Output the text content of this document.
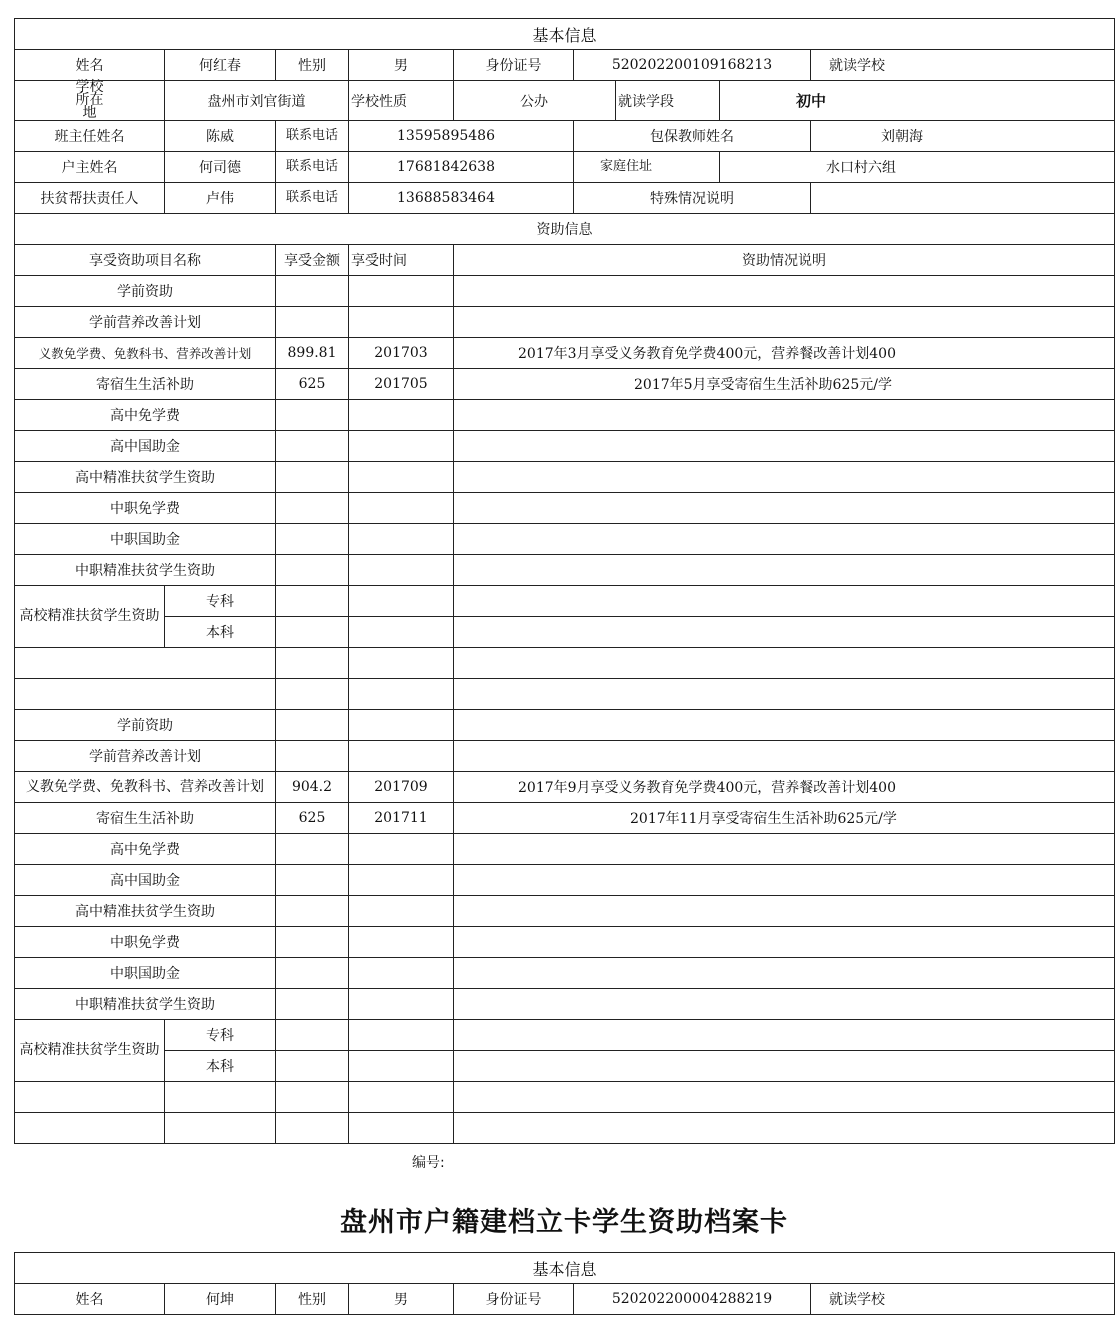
基本信息								
姓名	何红春	性别	男	身份证号	520202200109168213			就读学校
学校所在地	盘州市刘官街道		学校性质	公办		就读学段	初中	
班主任姓名	陈威	联系电话	13595895486		包保教师姓名			刘朝海
户主姓名	何司德	联系电话	17681842638		家庭住址		水口村六组	
扶贫帮扶责任人	卢伟	联系电话	13688583464		特殊情况说明			
资助信息								
享受资助项目名称		享受金额	享受时间	资助情况说明				
学前资助								
学前营养改善计划								
义教免学费、免教科书、营养改善计划		899.81	201703	2017年3月享受义务教育免学费400元，营养餐改善计划400				
寄宿生生活补助		625	201705	2017年5月享受寄宿生生活补助625元/学				
高中免学费								
高中国助金								
高中精准扶贫学生资助								
中职免学费								
中职国助金								
中职精准扶贫学生资助								
高校精准扶贫学生资助	专科							
	本科							

学前资助								
学前营养改善计划								
义教免学费、免教科书、营养改善计划		904.2	201709	2017年9月享受义务教育免学费400元，营养餐改善计划400				
寄宿生生活补助		625	201711	2017年11月享受寄宿生生活补助625元/学				
高中免学费								
高中国助金								
高中精准扶贫学生资助								
中职免学费								
中职国助金								
中职精准扶贫学生资助								
高校精准扶贫学生资助	专科							
	本科							

编号:
盘州市户籍建档立卡学生资助档案卡
基本信息
姓名	何坤	性别	男	身份证号	520202200004288219	就读学校
